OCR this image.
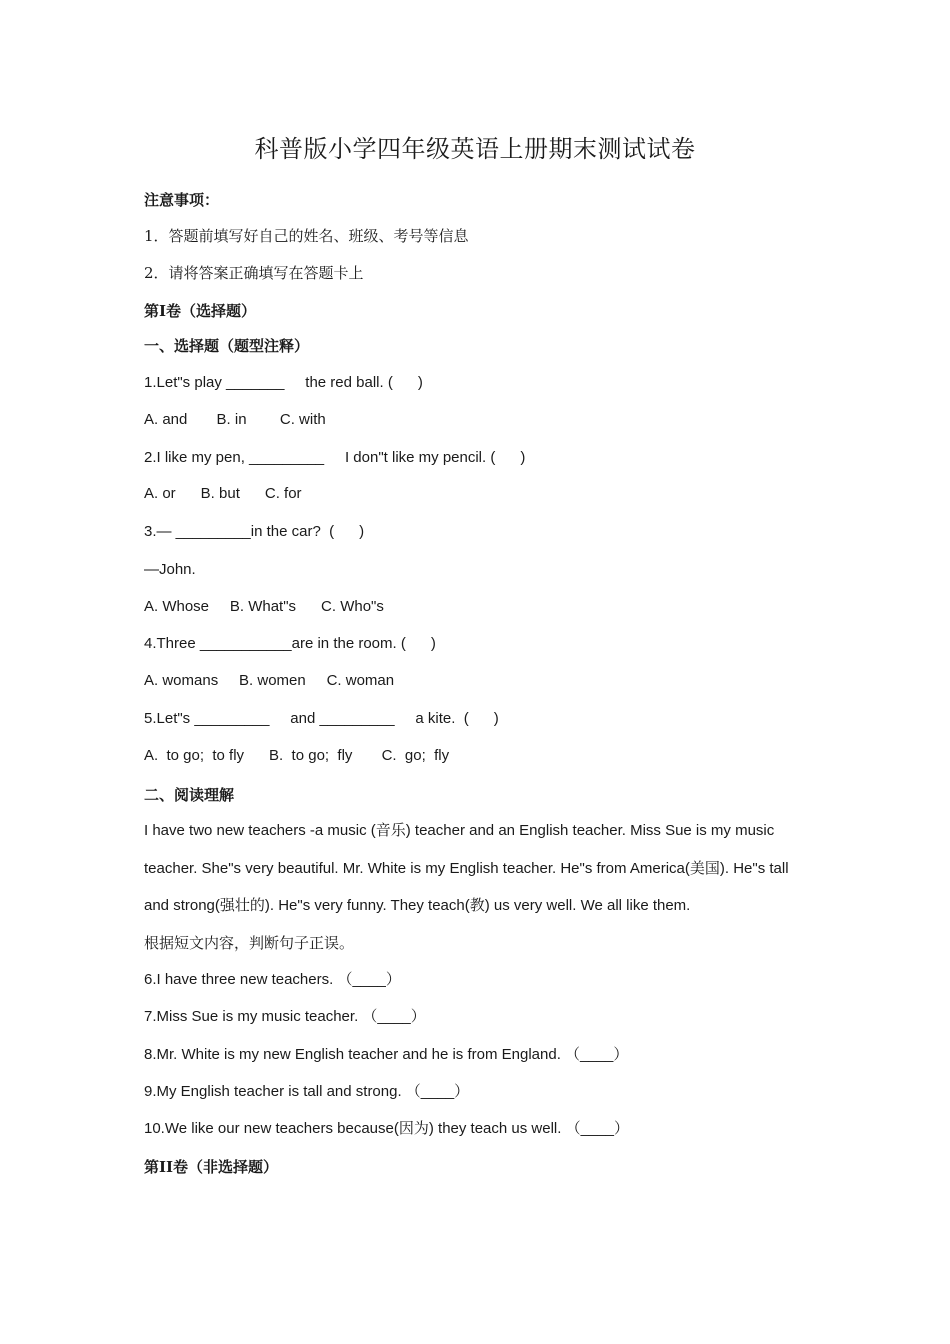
科普版小学四年级英语上册期末测试试卷
注意事项：
1．答题前填写好自己的姓名、班级、考号等信息
2．请将答案正确填写在答题卡上
第I卷（选择题）
一、选择题（题型注释）
1.Let"s play _______     the red ball. (      )
A. and       B. in        C. with
2.I like my pen, _________     I don"t like my pencil. (      )
A. or      B. but      C. for
3.— _________in the car?  (      )
—John.
A. Whose     B. What"s      C. Who"s
4.Three ___________are in the room. (      )
A. womans     B. women     C. woman
5.Let"s _________     and _________     a kite.  (      )
A.  to go;  to fly      B.  to go;  fly       C.  go;  fly
二、阅读理解
I have two new teachers -a music (音乐) teacher and an English teacher. Miss Sue is my music
teacher. She"s very beautiful. Mr. White is my English teacher. He"s from America(美国). He"s tall
and strong(强壮的). He"s very funny. They teach(教) us very well. We all like them.
根据短文内容，判断句子正误。
6.I have three new teachers. （____）
7.Miss Sue is my music teacher. （____）
8.Mr. White is my new English teacher and he is from England. （____）
9.My English teacher is tall and strong. （____）
10.We like our new teachers because(因为) they teach us well. （____）
第II卷（非选择题）
